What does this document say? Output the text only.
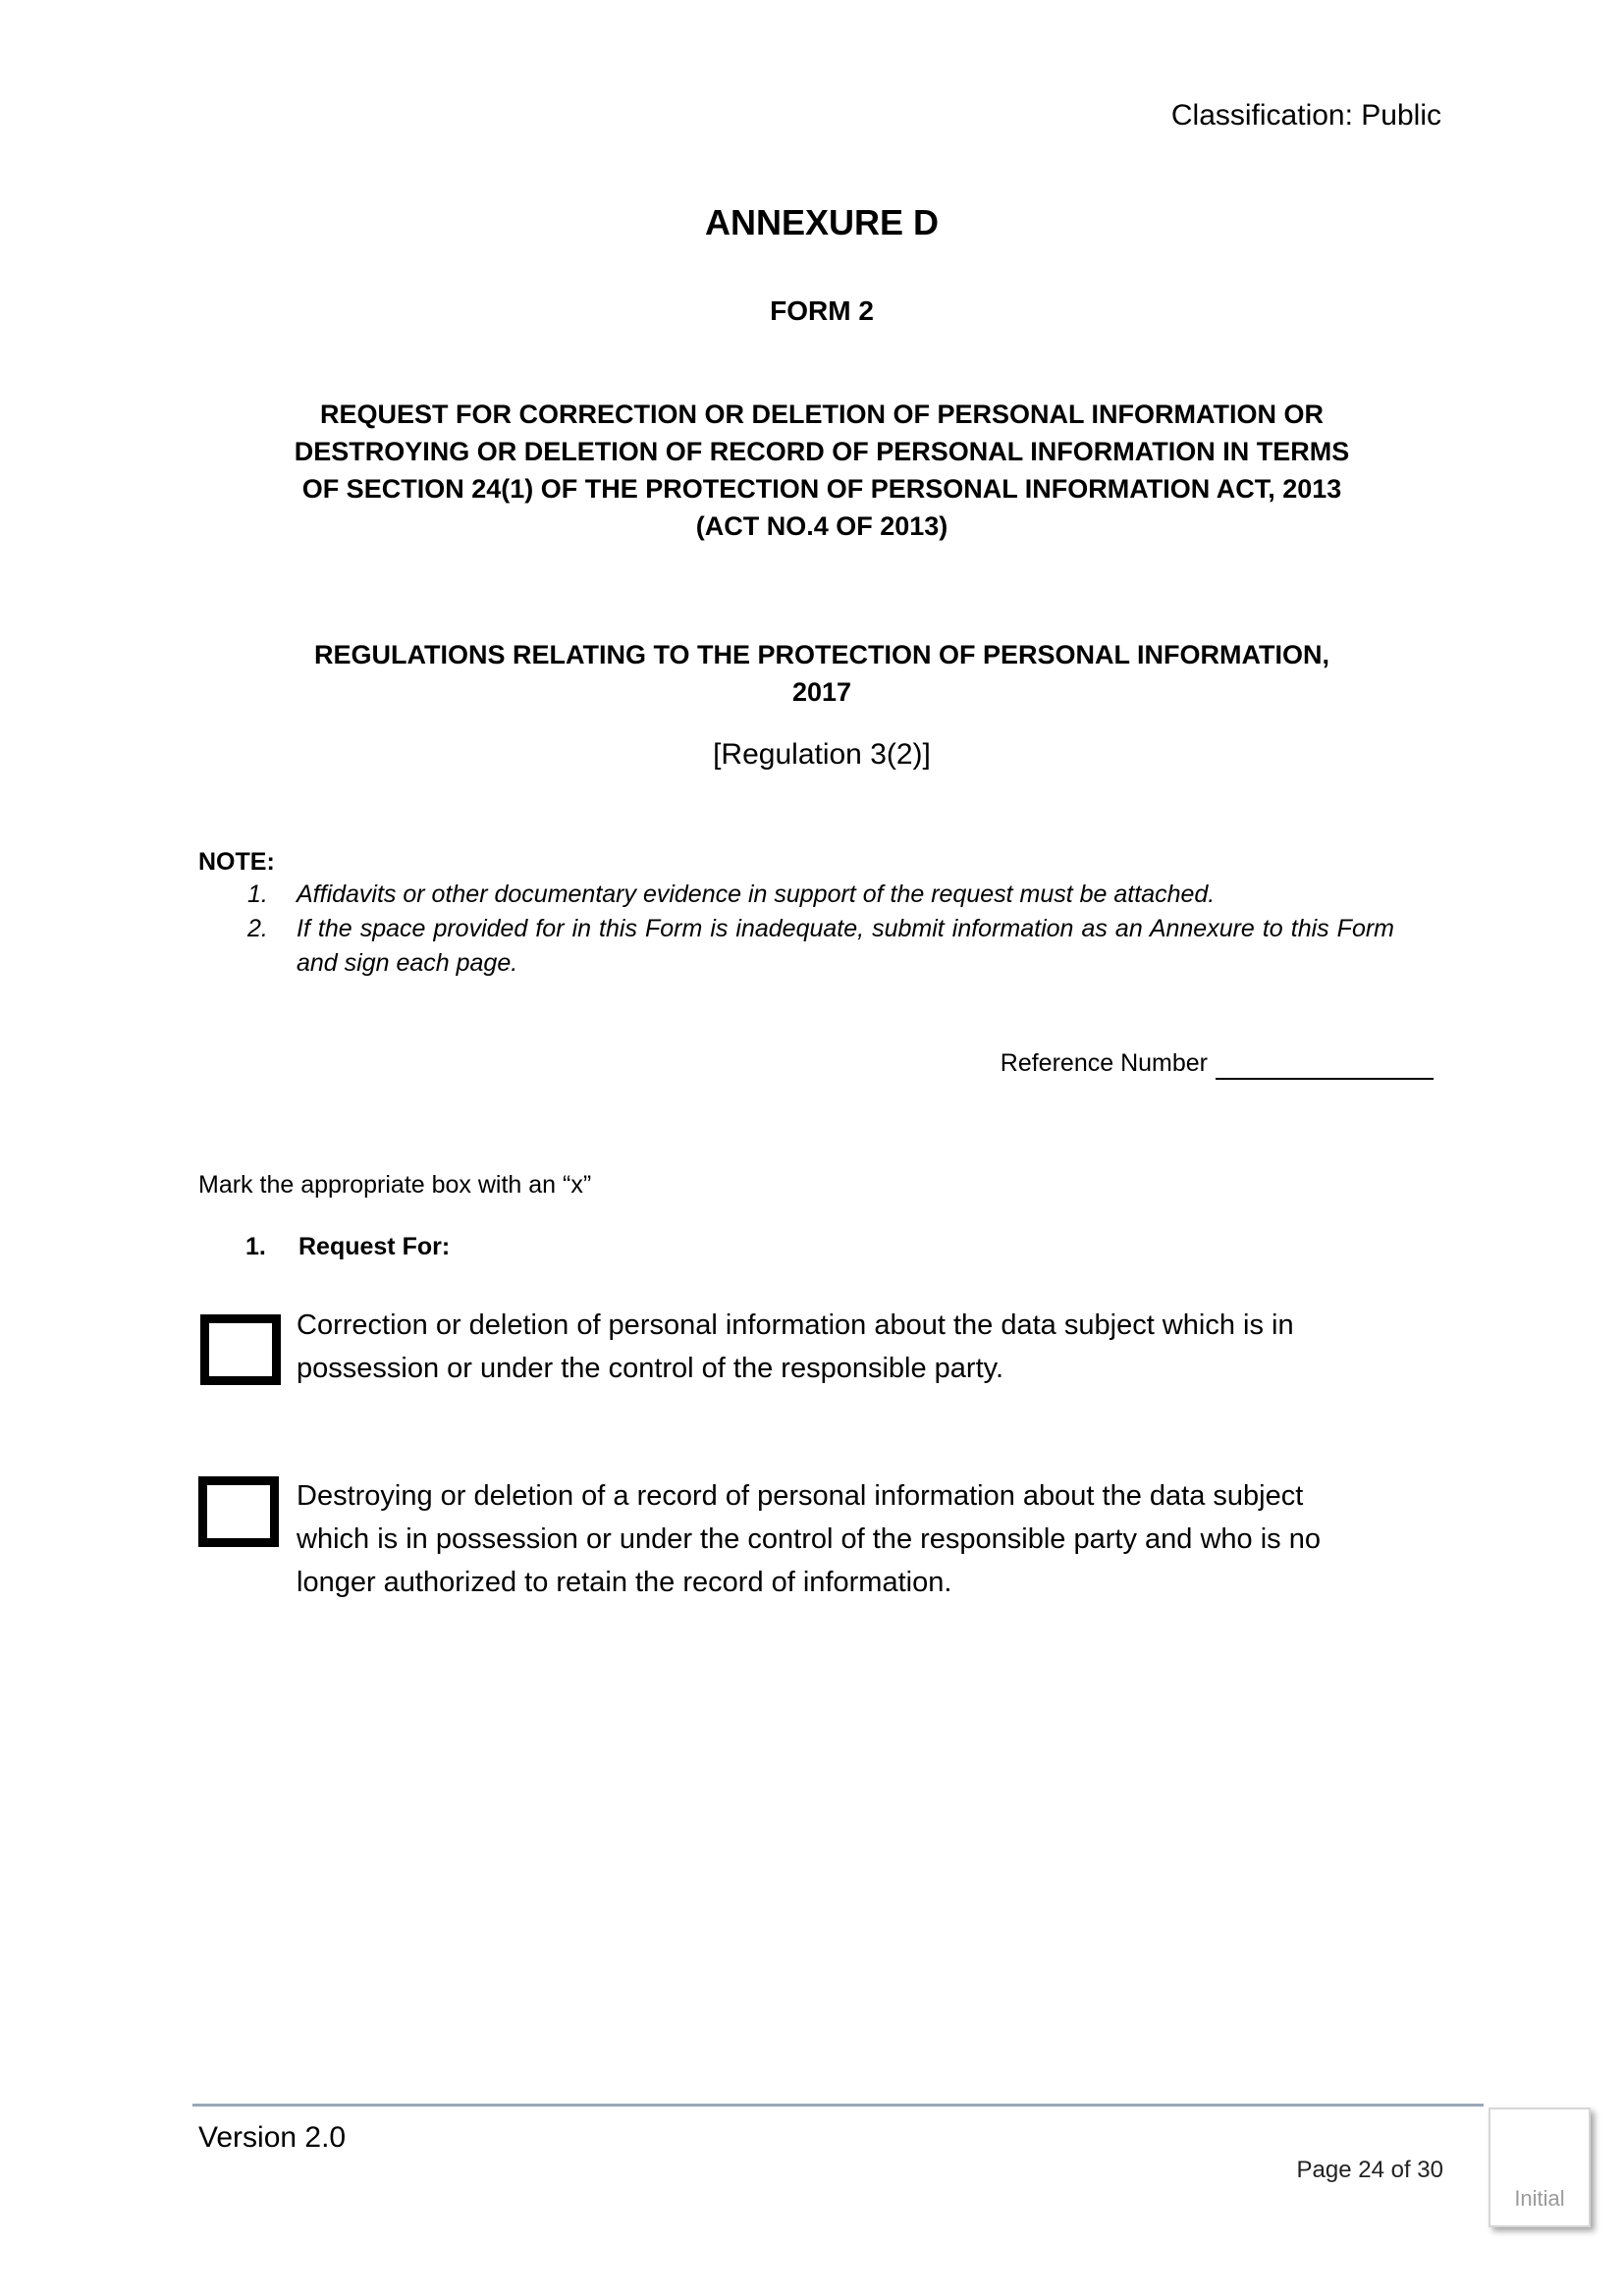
Classification: Public
ANNEXURE D
FORM 2
REQUEST FOR CORRECTION OR DELETION OF PERSONAL INFORMATION OR
DESTROYING OR DELETION OF RECORD OF PERSONAL INFORMATION IN TERMS
OF SECTION 24(1) OF THE PROTECTION OF PERSONAL INFORMATION ACT, 2013
(ACT NO.4 OF 2013)
REGULATIONS RELATING TO THE PROTECTION OF PERSONAL INFORMATION,
2017
[Regulation 3(2)]
NOTE:
1. Affidavits or other documentary evidence in support of the request must be attached.
2. If the space provided for in this Form is inadequate, submit information as an Annexure to this Form and sign each page.
Reference Number
Mark the appropriate box with an “x”
1. Request For:
Correction or deletion of personal information about the data subject which is in possession or under the control of the responsible party.
Destroying or deletion of a record of personal information about the data subject which is in possession or under the control of the responsible party and who is no longer authorized to retain the record of information.
Version 2.0
Page 24 of 30
Initial
